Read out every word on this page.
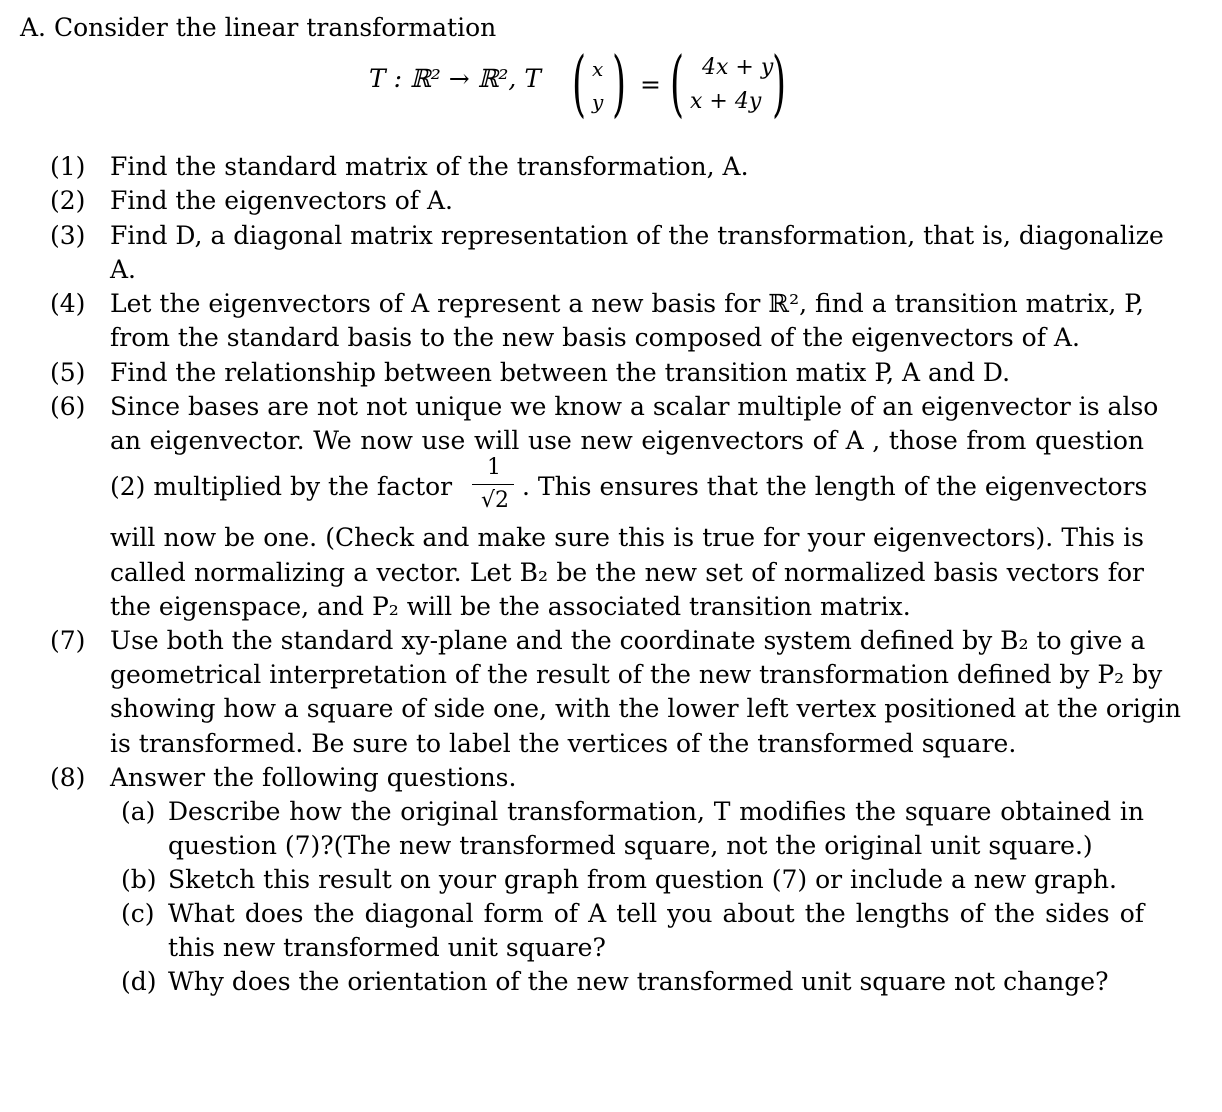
A. Consider the linear transformation
T : ℝ² → ℝ², T ( x
y ) = ( 4x + y
x + 4y )
(1) Find the standard matrix of the transformation, A.
(2) Find the eigenvectors of A.
(3) Find D, a diagonal matrix representation of the transformation, that is, diagonalize
A.
(4) Let the eigenvectors of A represent a new basis for ℝ², find a transition matrix, P,
from the standard basis to the new basis composed of the eigenvectors of A.
(5) Find the relationship between between the transition matix P, A and D.
(6) Since bases are not not unique we know a scalar multiple of an eigenvector is also
an eigenvector. We now use will use new eigenvectors of A , those from question
(2) multiplied by the factor
1
√2 . This ensures that the length of the eigenvectors
will now be one. (Check and make sure this is true for your eigenvectors). This is
called normalizing a vector. Let B₂ be the new set of normalized basis vectors for
the eigenspace, and P₂ will be the associated transition matrix.
(7) Use both the standard xy-plane and the coordinate system defined by B₂ to give a
geometrical interpretation of the result of the new transformation defined by P₂ by
showing how a square of side one, with the lower left vertex positioned at the origin
is transformed. Be sure to label the vertices of the transformed square.
(8) Answer the following questions.
(a) Describe how the original transformation, T modifies the square obtained in
question (7)?(The new transformed square, not the original unit square.)
(b) Sketch this result on your graph from question (7) or include a new graph.
(c) What does the diagonal form of A tell you about the lengths of the sides of
this new transformed unit square?
(d) Why does the orientation of the new transformed unit square not change?
